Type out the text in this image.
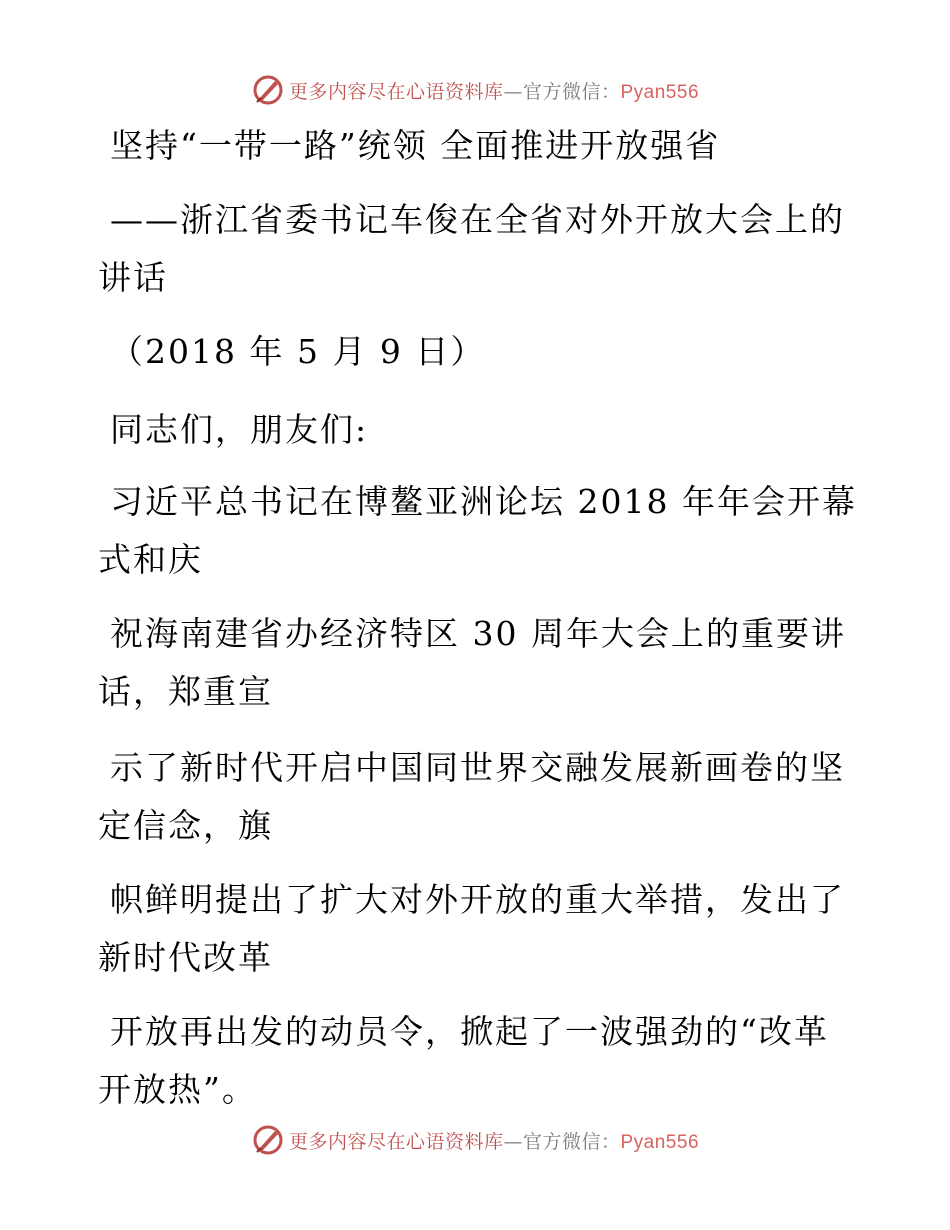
更多内容尽在心语资料库—官方微信：Pyan556
坚持“一带一路”统领 全面推进开放强省
——浙江省委书记车俊在全省对外开放大会上的
讲话
（2018 年 5 月 9 日）
同志们，朋友们:
习近平总书记在博鳌亚洲论坛 2018 年年会开幕
式和庆
祝海南建省办经济特区 30 周年大会上的重要讲
话，郑重宣
示了新时代开启中国同世界交融发展新画卷的坚
定信念，旗
帜鲜明提出了扩大对外开放的重大举措，发出了
新时代改革
开放再出发的动员令，掀起了一波强劲的“改革
开放热”。
更多内容尽在心语资料库—官方微信：Pyan556
